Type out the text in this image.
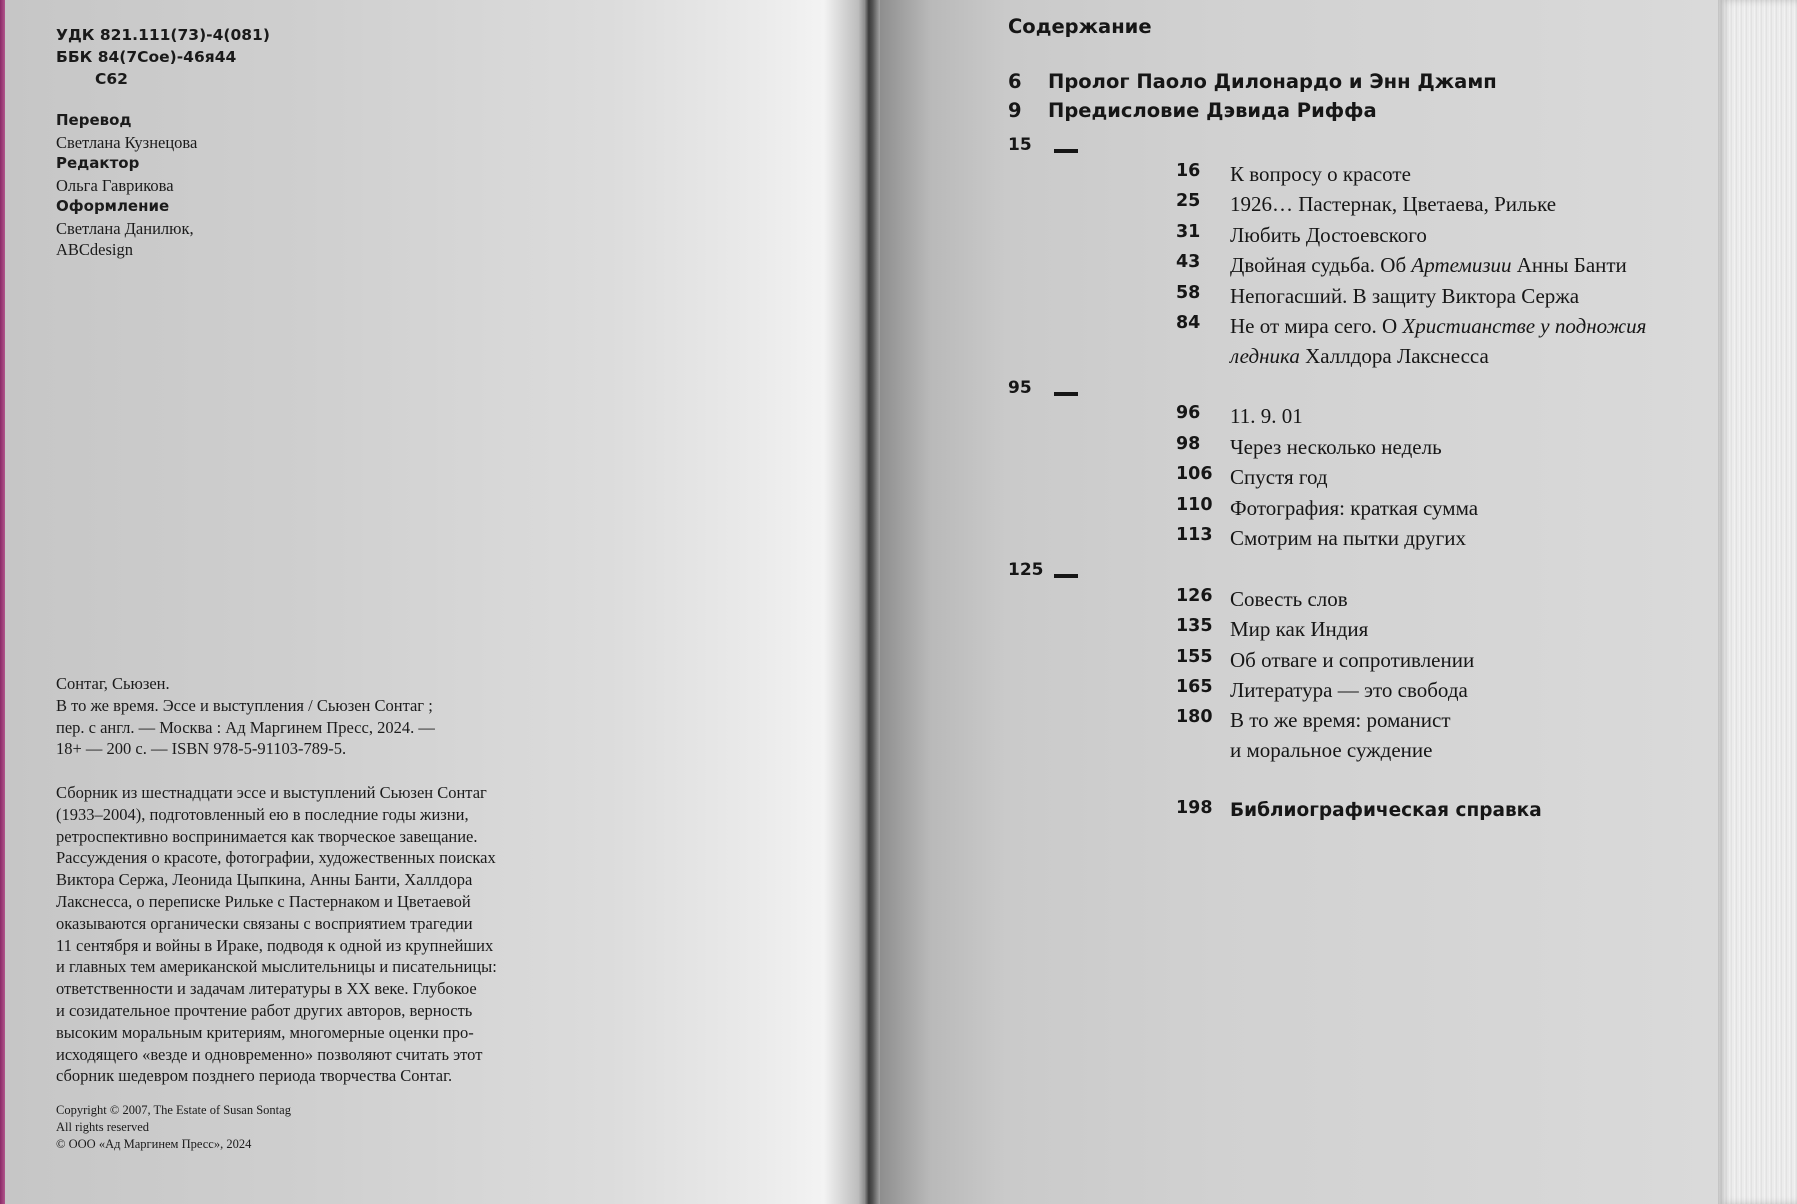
УДК 821.111(73)-4(081)
ББК 84(7Сое)-46я44
С62
Перевод
Светлана Кузнецова
Редактор
Ольга Гаврикова
Оформление
Светлана Данилюк,
ABCdesign
Сонтаг, Сьюзен.
В то же время. Эссе и выступления / Сьюзен Сонтаг ;
пер. с англ. — Москва : Ад Маргинем Пресс, 2024. —
18+ — 200 с. — ISBN 978-5-91103-789-5.
Сборник из шестнадцати эссе и выступлений Сьюзен Сонтаг
(1933–2004), подготовленный ею в последние годы жизни,
ретроспективно воспринимается как творческое завещание.
Рассуждения о красоте, фотографии, художественных поисках
Виктора Сержа, Леонида Цыпкина, Анны Банти, Халлдора
Лакснесса, о переписке Рильке с Пастернаком и Цветаевой
оказываются органически связаны с восприятием трагедии
11 сентября и войны в Ираке, подводя к одной из крупнейших
и главных тем американской мыслительницы и писательницы:
ответственности и задачам литературы в XX веке. Глубокое
и созидательное прочтение работ других авторов, верность
высоким моральным критериям, многомерные оценки про-
исходящего «везде и одновременно» позволяют считать этот
сборник шедевром позднего периода творчества Сонтаг.
Copyright © 2007, The Estate of Susan Sontag
All rights reserved
© ООО «Ад Маргинем Пресс», 2024
Содержание
6	Пролог Паоло Дилонардо и Энн Джамп
9	Предисловие Дэвида Риффа
15
16 К вопросу о красоте
25 1926… Пастернак, Цветаева, Рильке
31 Любить Достоевского
43 Двойная судьба. Об Артемизии Анны Банти
58 Непогасший. В защиту Виктора Сержа
84 Не от мира сего. О Христианстве у подножия
ледника Халлдора Лакснесса
95
96 11. 9. 01
98 Через несколько недель
106 Спустя год
110 Фотография: краткая сумма
113 Смотрим на пытки других
125
126 Совесть слов
135 Мир как Индия
155 Об отваге и сопротивлении
165 Литература — это свобода
180 В то же время: романист
и моральное суждение
198 Библиографическая справка
